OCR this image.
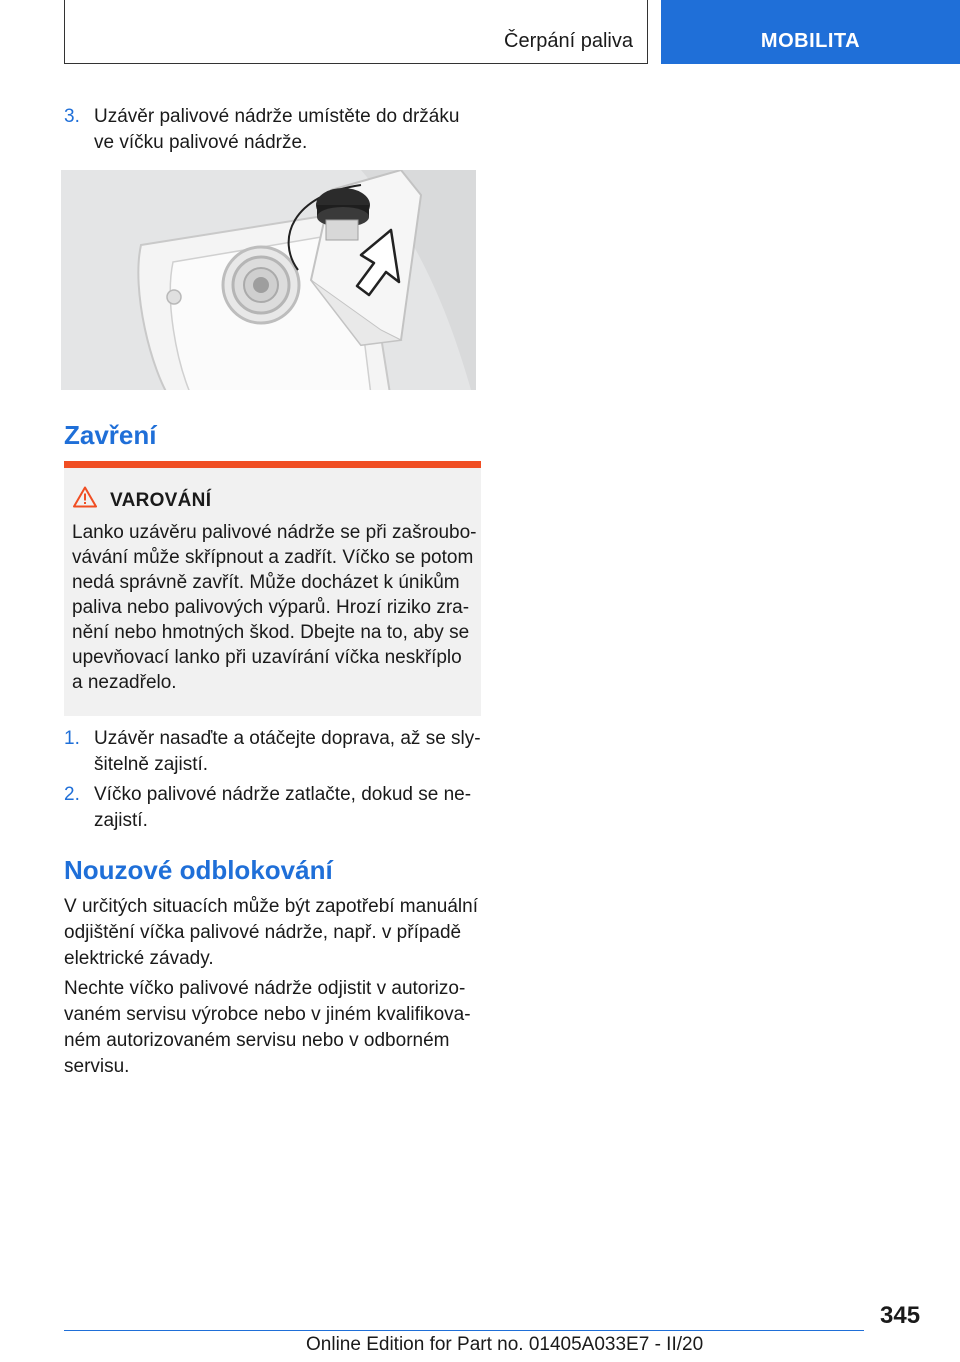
Čerpání paliva	MOBILITA
3. Uzávěr palivové nádrže umístěte do držáku ve víčku palivové nádrže.
Zavření
VAROVÁNÍ
Lanko uzávěru palivové nádrže se při zašroubo‐vávání může skřípnout a zadřít. Víčko se potom nedá správně zavřít. Může docházet k únikům paliva nebo palivových výparů. Hrozí riziko zra‐nění nebo hmotných škod. Dbejte na to, aby se upevňovací lanko při uzavírání víčka neskříplo a nezadřelo.
1. Uzávěr nasaďte a otáčejte doprava, až se sly‐šitelně zajistí.
2. Víčko palivové nádrže zatlačte, dokud se ne‐zajistí.
Nouzové odblokování
V určitých situacích může být zapotřebí manuální odjištění víčka palivové nádrže, např. v případě elektrické závady.
Nechte víčko palivové nádrže odjistit v autorizo‐vaném servisu výrobce nebo v jiném kvalifikova‐ném autorizovaném servisu nebo v odborném servisu.
345
Online Edition for Part no. 01405A033E7 - II/20
